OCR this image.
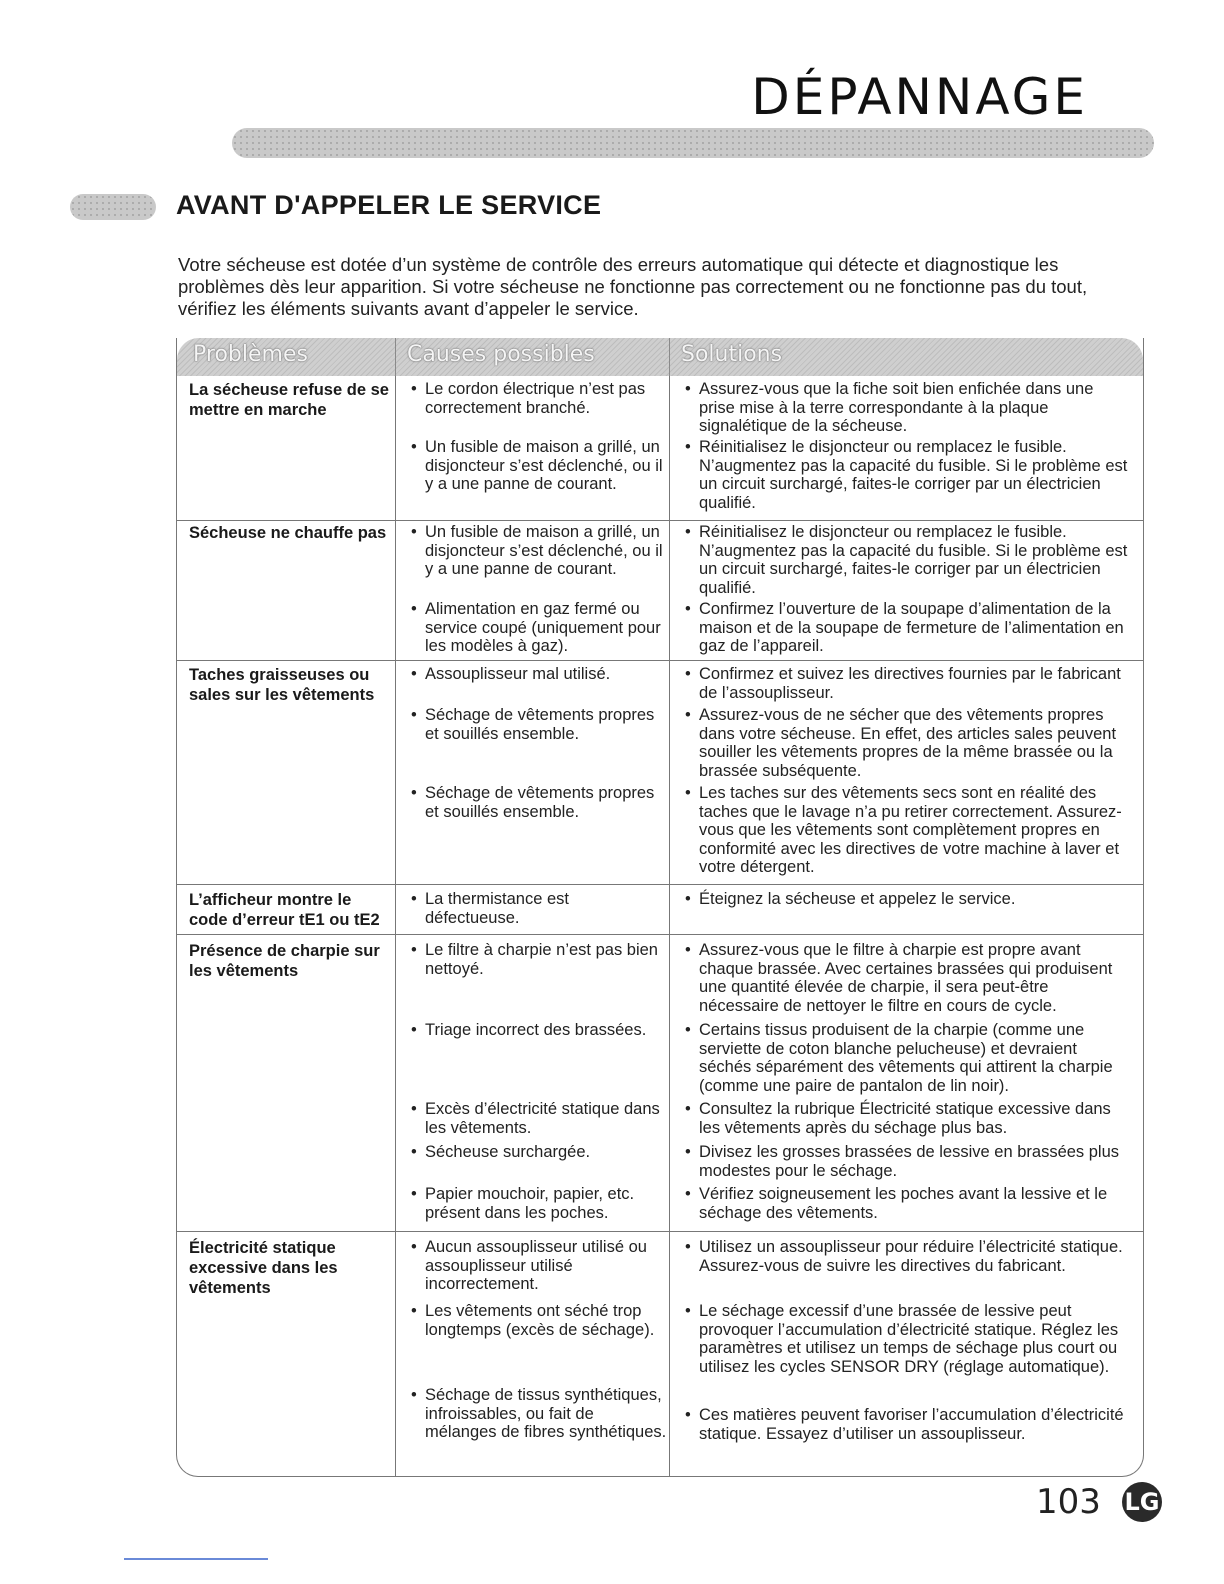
DÉPANNAGE
AVANT D'APPELER LE SERVICE

Votre sécheuse est dotée d’un système de contrôle des erreurs automatique qui détecte et diagnostique les problèmes dès leur apparition. Si votre sécheuse ne fonctionne pas correctement ou ne fonctionne pas du tout, vérifiez les éléments suivants avant d’appeler le service.

Problèmes	Causes possibles	Solutions
La sécheuse refuse de se mettre en marche
• Le cordon électrique n’est pas correctement branché.
• Un fusible de maison a grillé, un disjoncteur s’est déclenché, ou il y a une panne de courant.
• Assurez-vous que la fiche soit bien enfichée dans une prise mise à la terre correspondante à la plaque signalétique de la sécheuse.
• Réinitialisez le disjoncteur ou remplacez le fusible. N’augmentez pas la capacité du fusible. Si le problème est un circuit surchargé, faites-le corriger par un électricien qualifié.
Sécheuse ne chauffe pas
• Un fusible de maison a grillé, un disjoncteur s’est déclenché, ou il y a une panne de courant.
• Alimentation en gaz fermé ou service coupé (uniquement pour les modèles à gaz).
• Réinitialisez le disjoncteur ou remplacez le fusible. N’augmentez pas la capacité du fusible. Si le problème est un circuit surchargé, faites-le corriger par un électricien qualifié.
• Confirmez l’ouverture de la soupape d’alimentation de la maison et de la soupape de fermeture de l’alimentation en gaz de l’appareil.
Taches graisseuses ou sales sur les vêtements
• Assouplisseur mal utilisé.
• Séchage de vêtements propres et souillés ensemble.
• Séchage de vêtements propres et souillés ensemble.
• Confirmez et suivez les directives fournies par le fabricant de l’assouplisseur.
• Assurez-vous de ne sécher que des vêtements propres dans votre sécheuse. En effet, des articles sales peuvent souiller les vêtements propres de la même brassée ou la brassée subséquente.
• Les taches sur des vêtements secs sont en réalité des taches que le lavage n’a pu retirer correctement. Assurez-vous que les vêtements sont complètement propres en conformité avec les directives de votre machine à laver et votre détergent.
L’afficheur montre le code d’erreur tE1 ou tE2
• La thermistance est défectueuse.
• Éteignez la sécheuse et appelez le service.
Présence de charpie sur les vêtements
• Le filtre à charpie n’est pas bien nettoyé.
• Triage incorrect des brassées.
• Excès d’électricité statique dans les vêtements.
• Sécheuse surchargée.
• Papier mouchoir, papier, etc. présent dans les poches.
• Assurez-vous que le filtre à charpie est propre avant chaque brassée. Avec certaines brassées qui produisent une quantité élevée de charpie, il sera peut-être nécessaire de nettoyer le filtre en cours de cycle.
• Certains tissus produisent de la charpie (comme une serviette de coton blanche pelucheuse) et devraient séchés séparément des vêtements qui attirent la charpie (comme une paire de pantalon de lin noir).
• Consultez la rubrique Électricité statique excessive dans les vêtements après du séchage plus bas.
• Divisez les grosses brassées de lessive en brassées plus modestes pour le séchage.
• Vérifiez soigneusement les poches avant la lessive et le séchage des vêtements.
Électricité statique excessive dans les vêtements
• Aucun assouplisseur utilisé ou assouplisseur utilisé incorrectement.
• Les vêtements ont séché trop longtemps (excès de séchage).
• Séchage de tissus synthétiques, infroissables, ou fait de mélanges de fibres synthétiques.
• Utilisez un assouplisseur pour réduire l’électricité statique. Assurez-vous de suivre les directives du fabricant.
• Le séchage excessif d’une brassée de lessive peut provoquer l’accumulation d’électricité statique. Réglez les paramètres et utilisez un temps de séchage plus court ou utilisez les cycles SENSOR DRY (réglage automatique).
• Ces matières peuvent favoriser l’accumulation d’électricité statique. Essayez d’utiliser un assouplisseur.
103 LG
